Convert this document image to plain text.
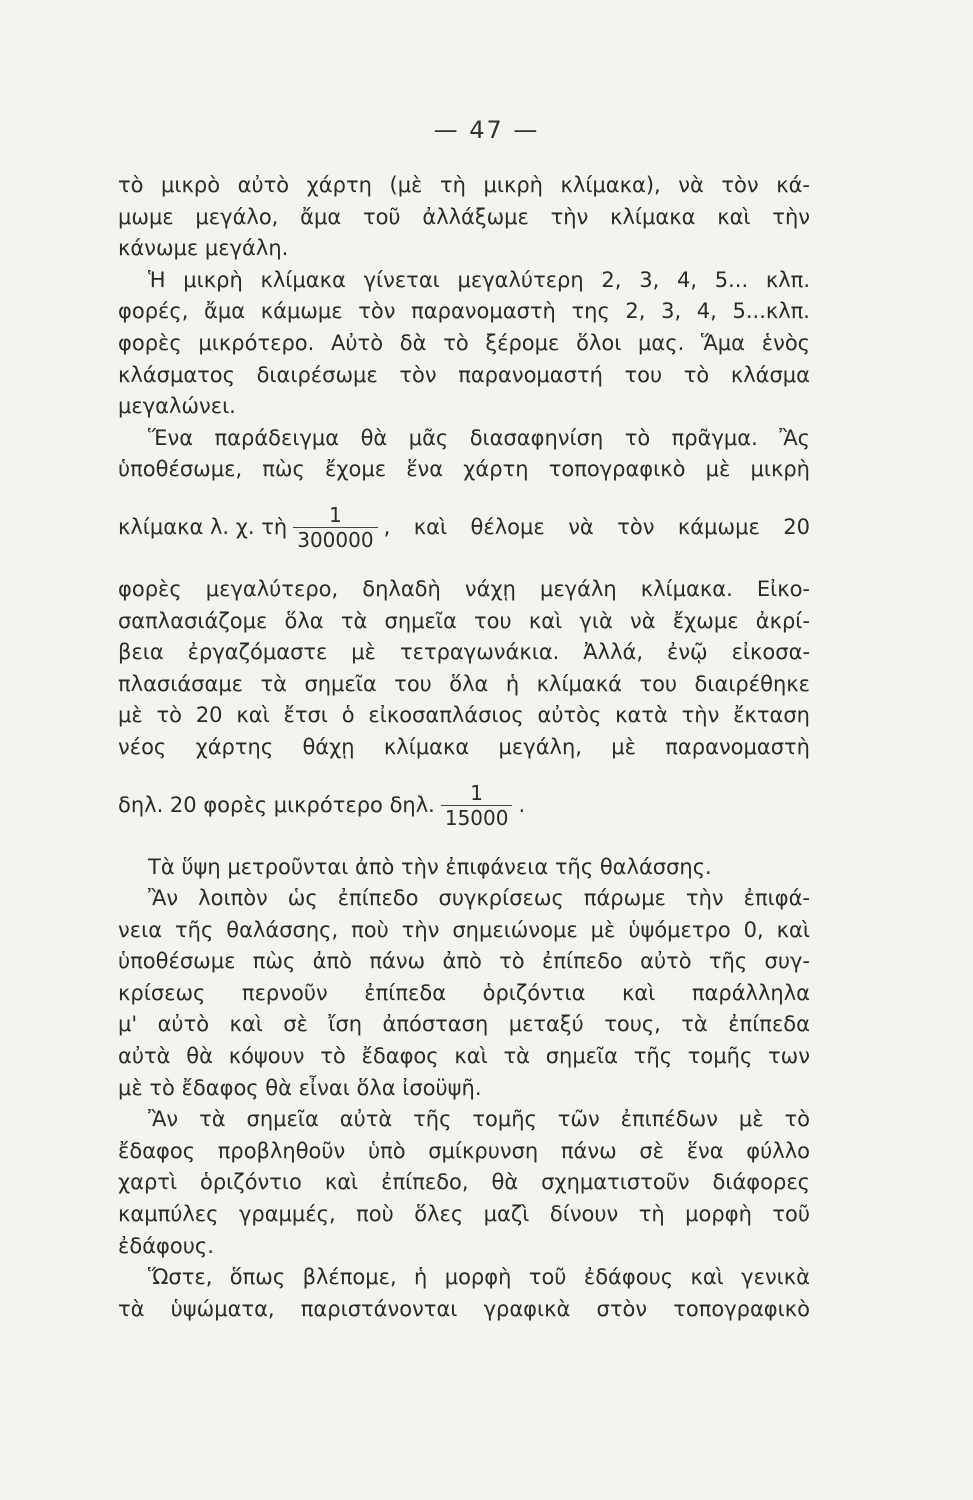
— 47 —
τὸ μικρὸ αὐτὸ χάρτη (μὲ τὴ μικρὴ κλίμακα), νὰ τὸν κά-
μωμε μεγάλο, ἄμα τοῦ ἀλλάξωμε τὴν κλίμακα καὶ τὴν
κάνωμε μεγάλη.
Ἡ μικρὴ κλίμακα γίνεται μεγαλύτερη 2, 3, 4, 5... κλπ.
φορές, ἄμα κάμωμε τὸν παρανομαστὴ της 2, 3, 4, 5...κλπ.
φορὲς μικρότερο. Αὐτὸ δὰ τὸ ξέρομε ὅλοι μας. Ἅμα ἑνὸς
κλάσματος διαιρέσωμε τὸν παρανομαστή του τὸ κλάσμα
μεγαλώνει.
Ἕνα παράδειγμα θὰ μᾶς διασαφηνίση τὸ πρᾶγμα. Ἂς
ὑποθέσωμε, πὼς ἔχομε ἕνα χάρτη τοπογραφικὸ μὲ μικρὴ
κλίμακα λ. χ. τὴ $\frac{1}{300000}$ , καὶ θέλομε νὰ τὸν κάμωμε 20
φορὲς μεγαλύτερο, δηλαδὴ νάχῃ μεγάλη κλίμακα. Εἰκο-
σαπλασιάζομε ὅλα τὰ σημεῖα του καὶ γιὰ νὰ ἔχωμε ἀκρί-
βεια ἐργαζόμαστε μὲ τετραγωνάκια. Ἀλλά, ἐνῷ εἰκοσα-
πλασιάσαμε τὰ σημεῖα του ὅλα ἡ κλίμακά του διαιρέθηκε
μὲ τὸ 20 καὶ ἔτσι ὁ εἰκοσαπλάσιος αὐτὸς κατὰ τὴν ἔκταση
νέος χάρτης θάχῃ κλίμακα μεγάλη, μὲ παρανομαστὴ
δηλ. 20 φορὲς μικρότερο δηλ. $\frac{1}{15000}$ .
Τὰ ὕψη μετροῦνται ἀπὸ τὴν ἐπιφάνεια τῆς θαλάσσης.
Ἂν λοιπὸν ὡς ἐπίπεδο συγκρίσεως πάρωμε τὴν ἐπιφά-
νεια τῆς θαλάσσης, ποὺ τὴν σημειώνομε μὲ ὑψόμετρο 0, καὶ
ὑποθέσωμε πὼς ἀπὸ πάνω ἀπὸ τὸ ἐπίπεδο αὐτὸ τῆς συγ-
κρίσεως περνοῦν ἐπίπεδα ὁριζόντια καὶ παράλληλα
μ' αὐτὸ καὶ σὲ ἴση ἀπόσταση μεταξύ τους, τὰ ἐπίπεδα
αὐτὰ θὰ κόψουν τὸ ἔδαφος καὶ τὰ σημεῖα τῆς τομῆς των
μὲ τὸ ἔδαφος θὰ εἶναι ὅλα ἰσοϋψῆ.
Ἂν τὰ σημεῖα αὐτὰ τῆς τομῆς τῶν ἐπιπέδων μὲ τὸ
ἔδαφος προβληθοῦν ὑπὸ σμίκρυνση πάνω σὲ ἕνα φύλλο
χαρτὶ ὁριζόντιο καὶ ἐπίπεδο, θὰ σχηματιστοῦν διάφορες
καμπύλες γραμμές, ποὺ ὅλες μαζὶ δίνουν τὴ μορφὴ τοῦ
ἐδάφους.
Ὥστε, ὅπως βλέπομε, ἡ μορφὴ τοῦ ἐδάφους καὶ γενικὰ
τὰ ὑψώματα, παριστάνονται γραφικὰ στὸν τοπογραφικὸ
